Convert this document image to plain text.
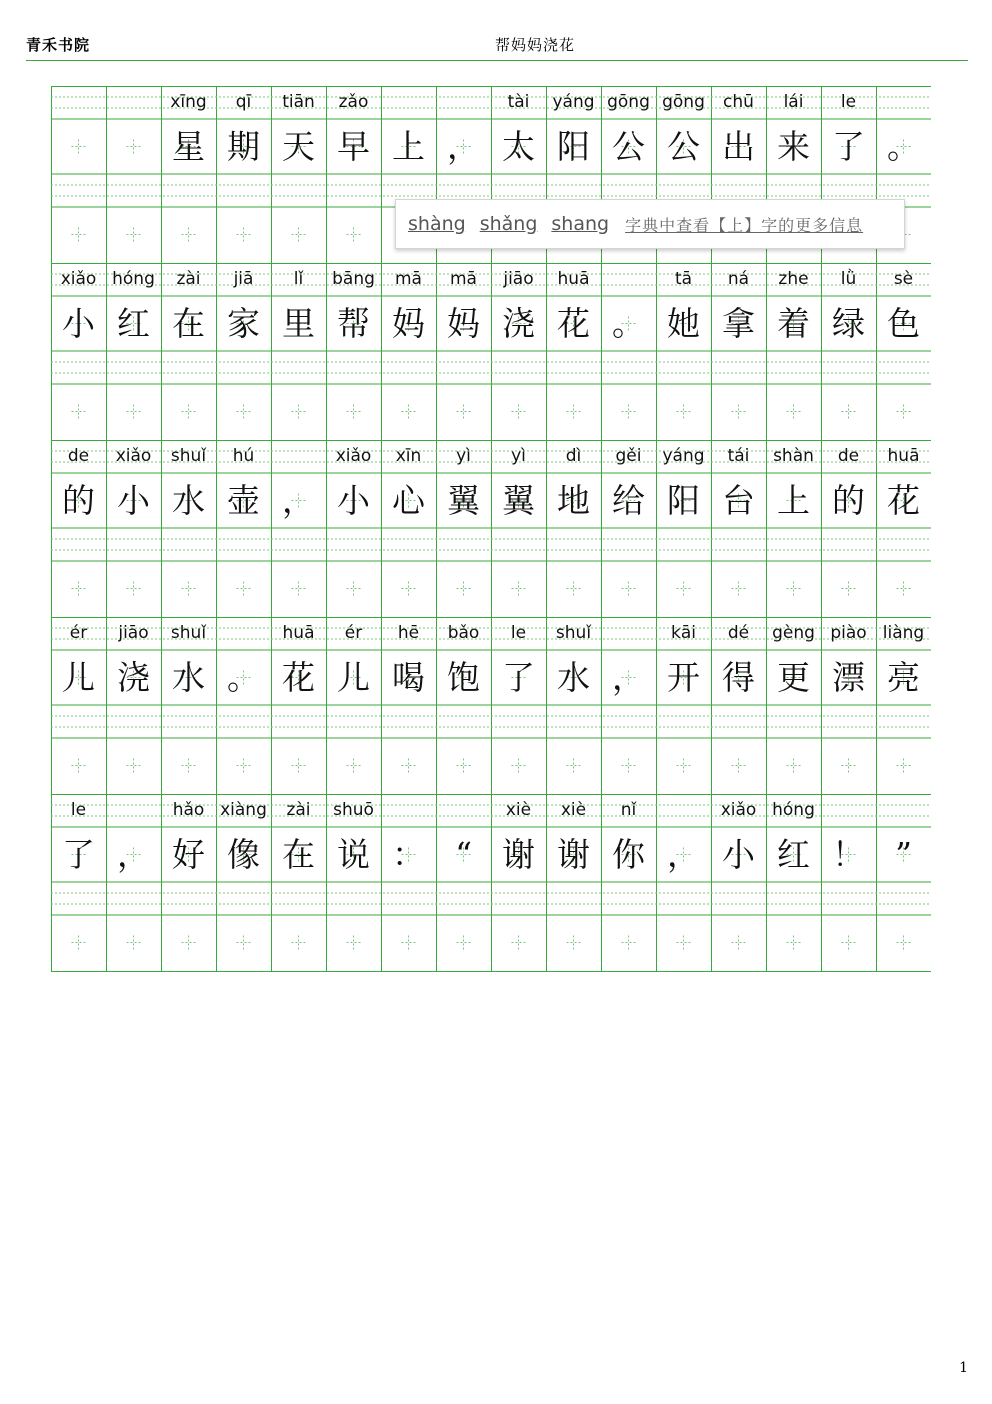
青禾书院	帮妈妈浇花
xīng
星
qī
期
tiān
天
zǎo
早 上 ，
tài
太
yáng
阳
gōng
公
gōng
公
chū
出
lái
来
le
了 。
xiǎo
小
hóng
红
zài
在
jiā
家
lǐ
里
bāng
帮
mā
妈
mā
妈
jiāo
浇
huā
花 。
tā
她
ná
拿
zhe
着
lǜ
绿
sè
色
de
的
xiǎo
小
shuǐ
水
hú
壶 ，
xiǎo
小
xīn
心
yì
翼
yì
翼
dì
地
gěi
给
yáng
阳
tái
台
shàn
上
de
的
huā
花
ér
儿
jiāo
浇
shuǐ
水 。
huā
花
ér
儿
hē
喝
bǎo
饱
le
了
shuǐ
水 ，
kāi
开
dé
得
gèng
更
piào
漂
liàng
亮
le
了 ，
hǎo
好
xiàng
像
zài
在
shuō
说 ： “
xiè
谢
xiè
谢
nǐ
你 ，
xiǎo
小
hóng
红 ！ ”
shàng shǎng shang 字典中查看【上】字的更多信息
1
